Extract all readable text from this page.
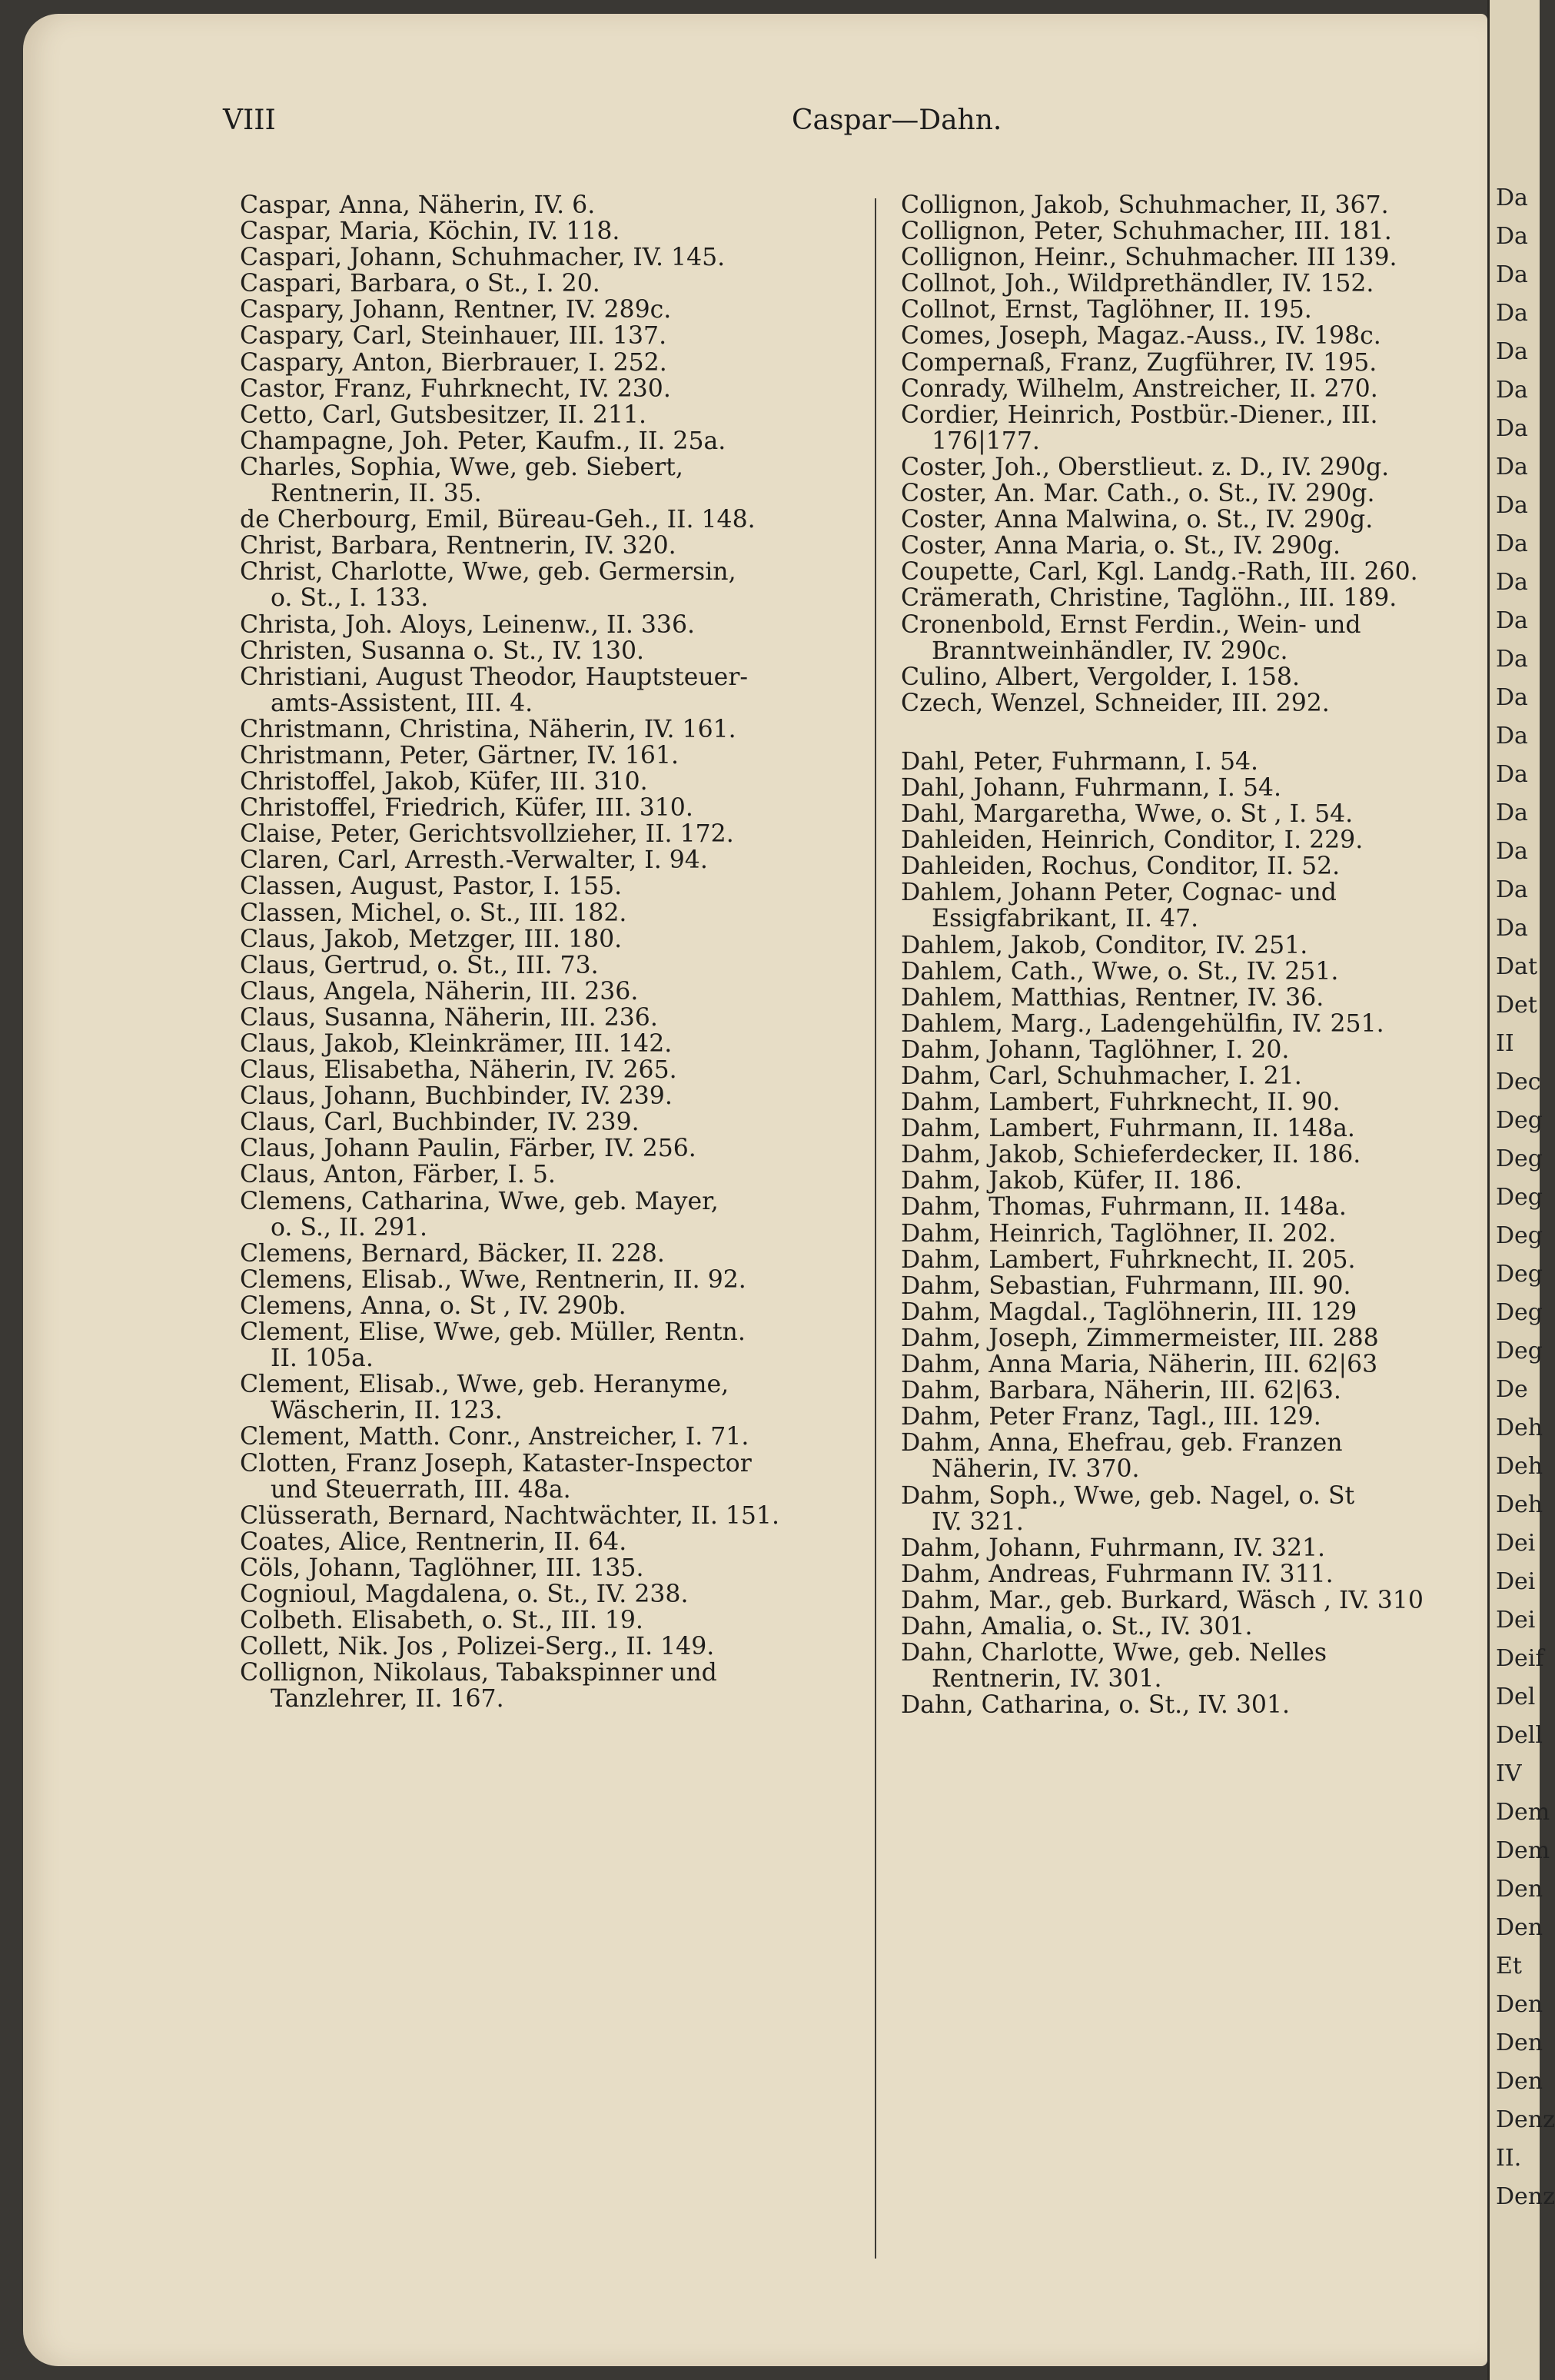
VIII	Caspar—Dahn.
Caspar, Anna, Näherin, IV. 6.
Caspar, Maria, Köchin, IV. 118.
Caspari, Johann, Schuhmacher, IV. 145.
Caspari, Barbara, o St., I. 20.
Caspary, Johann, Rentner, IV. 289c.
Caspary, Carl, Steinhauer, III. 137.
Caspary, Anton, Bierbrauer, I. 252.
Castor, Franz, Fuhrknecht, IV. 230.
Cetto, Carl, Gutsbesitzer, II. 211.
Champagne, Joh. Peter, Kaufm., II. 25a.
Charles, Sophia, Wwe, geb. Siebert,
Rentnerin, II. 35.
de Cherbourg, Emil, Büreau-Geh., II. 148.
Christ, Barbara, Rentnerin, IV. 320.
Christ, Charlotte, Wwe, geb. Germersin,
o. St., I. 133.
Christa, Joh. Aloys, Leinenw., II. 336.
Christen, Susanna o. St., IV. 130.
Christiani, August Theodor, Hauptsteuer-
amts-Assistent, III. 4.
Christmann, Christina, Näherin, IV. 161.
Christmann, Peter, Gärtner, IV. 161.
Christoffel, Jakob, Küfer, III. 310.
Christoffel, Friedrich, Küfer, III. 310.
Claise, Peter, Gerichtsvollzieher, II. 172.
Claren, Carl, Arresth.-Verwalter, I. 94.
Classen, August, Pastor, I. 155.
Classen, Michel, o. St., III. 182.
Claus, Jakob, Metzger, III. 180.
Claus, Gertrud, o. St., III. 73.
Claus, Angela, Näherin, III. 236.
Claus, Susanna, Näherin, III. 236.
Claus, Jakob, Kleinkrämer, III. 142.
Claus, Elisabetha, Näherin, IV. 265.
Claus, Johann, Buchbinder, IV. 239.
Claus, Carl, Buchbinder, IV. 239.
Claus, Johann Paulin, Färber, IV. 256.
Claus, Anton, Färber, I. 5.
Clemens, Catharina, Wwe, geb. Mayer,
o. S., II. 291.
Clemens, Bernard, Bäcker, II. 228.
Clemens, Elisab., Wwe, Rentnerin, II. 92.
Clemens, Anna, o. St , IV. 290b.
Clement, Elise, Wwe, geb. Müller, Rentn.
II. 105a.
Clement, Elisab., Wwe, geb. Heranyme,
Wäscherin, II. 123.
Clement, Matth. Conr., Anstreicher, I. 71.
Clotten, Franz Joseph, Kataster-Inspector
und Steuerrath, III. 48a.
Clüsserath, Bernard, Nachtwächter, II. 151.
Coates, Alice, Rentnerin, II. 64.
Cöls, Johann, Taglöhner, III. 135.
Cognioul, Magdalena, o. St., IV. 238.
Colbeth. Elisabeth, o. St., III. 19.
Collett, Nik. Jos , Polizei-Serg., II. 149.
Collignon, Nikolaus, Tabakspinner und
Tanzlehrer, II. 167.
Collignon, Jakob, Schuhmacher, II, 367.
Collignon, Peter, Schuhmacher, III. 181.
Collignon, Heinr., Schuhmacher. III 139.
Collnot, Joh., Wildprethändler, IV. 152.
Collnot, Ernst, Taglöhner, II. 195.
Comes, Joseph, Magaz.-Auss., IV. 198c.
Compernaß, Franz, Zugführer, IV. 195.
Conrady, Wilhelm, Anstreicher, II. 270.
Cordier, Heinrich, Postbür.-Diener., III.
176|177.
Coster, Joh., Oberstlieut. z. D., IV. 290g.
Coster, An. Mar. Cath., o. St., IV. 290g.
Coster, Anna Malwina, o. St., IV. 290g.
Coster, Anna Maria, o. St., IV. 290g.
Coupette, Carl, Kgl. Landg.-Rath, III. 260.
Crämerath, Christine, Taglöhn., III. 189.
Cronenbold, Ernst Ferdin., Wein- und
Branntweinhändler, IV. 290c.
Culino, Albert, Vergolder, I. 158.
Czech, Wenzel, Schneider, III. 292.
Dahl, Peter, Fuhrmann, I. 54.
Dahl, Johann, Fuhrmann, I. 54.
Dahl, Margaretha, Wwe, o. St , I. 54.
Dahleiden, Heinrich, Conditor, I. 229.
Dahleiden, Rochus, Conditor, II. 52.
Dahlem, Johann Peter, Cognac- und
Essigfabrikant, II. 47.
Dahlem, Jakob, Conditor, IV. 251.
Dahlem, Cath., Wwe, o. St., IV. 251.
Dahlem, Matthias, Rentner, IV. 36.
Dahlem, Marg., Ladengehülfin, IV. 251.
Dahm, Johann, Taglöhner, I. 20.
Dahm, Carl, Schuhmacher, I. 21.
Dahm, Lambert, Fuhrknecht, II. 90.
Dahm, Lambert, Fuhrmann, II. 148a.
Dahm, Jakob, Schieferdecker, II. 186.
Dahm, Jakob, Küfer, II. 186.
Dahm, Thomas, Fuhrmann, II. 148a.
Dahm, Heinrich, Taglöhner, II. 202.
Dahm, Lambert, Fuhrknecht, II. 205.
Dahm, Sebastian, Fuhrmann, III. 90.
Dahm, Magdal., Taglöhnerin, III. 129
Dahm, Joseph, Zimmermeister, III. 288
Dahm, Anna Maria, Näherin, III. 62|63
Dahm, Barbara, Näherin, III. 62|63.
Dahm, Peter Franz, Tagl., III. 129.
Dahm, Anna, Ehefrau, geb. Franzen
Näherin, IV. 370.
Dahm, Soph., Wwe, geb. Nagel, o. St
IV. 321.
Dahm, Johann, Fuhrmann, IV. 321.
Dahm, Andreas, Fuhrmann IV. 311.
Dahm, Mar., geb. Burkard, Wäsch , IV. 310
Dahn, Amalia, o. St., IV. 301.
Dahn, Charlotte, Wwe, geb. Nelles
Rentnerin, IV. 301.
Dahn, Catharina, o. St., IV. 301.
Da
Da
Da
Da
Da
Da
Da
Da
Da
Da
Da
Da
Da
Da
Da
Da
Da
Da
Da
Da
Dat
Det
II
Dec
Deg
Deg
Deg
Deg
Deg
Deg
Deg
De
Deh
Deh
Deh
Dei
Dei
Dei
Deif
Del
Dell
IV
Dem
Dem
Den
Den
Et
Den
Den
Den
Denz
II.
Denz
